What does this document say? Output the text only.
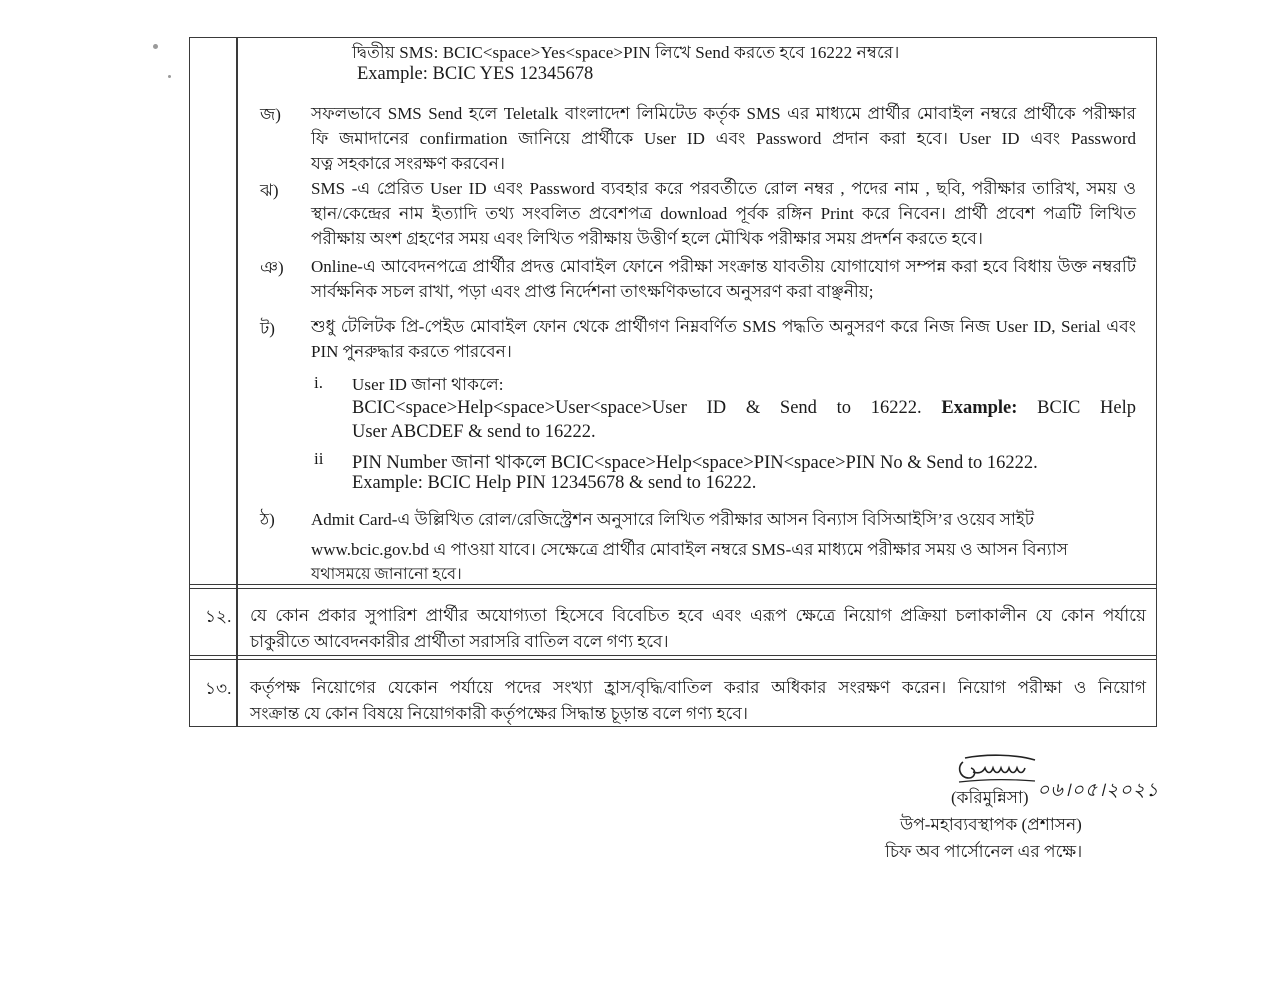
দ্বিতীয় SMS: BCIC<space>Yes<space>PIN লিখে Send করতে হবে 16222 নম্বরে।
Example: BCIC YES 12345678
জ) সফলভাবে SMS Send হলে Teletalk বাংলাদেশ লিমিটেড কর্তৃক SMS এর মাধ্যমে প্রার্থীর মোবাইল নম্বরে প্রার্থীকে পরীক্ষার
ফি জমাদানের confirmation জানিয়ে প্রার্থীকে User ID এবং Password প্রদান করা হবে। User ID এবং Password
যত্ন সহকারে সংরক্ষণ করবেন।
ঝ) SMS -এ প্রেরিত User ID এবং Password ব্যবহার করে পরবর্তীতে রোল নম্বর , পদের নাম , ছবি, পরীক্ষার তারিখ, সময় ও
স্থান/কেন্দ্রের নাম ইত্যাদি তথ্য সংবলিত প্রবেশপত্র download পূর্বক রঙ্গিন Print করে নিবেন। প্রার্থী প্রবেশ পত্রটি লিখিত
পরীক্ষায় অংশ গ্রহণের সময় এবং লিখিত পরীক্ষায় উত্তীর্ণ হলে মৌখিক পরীক্ষার সময় প্রদর্শন করতে হবে।
ঞ) Online-এ আবেদনপত্রে প্রার্থীর প্রদত্ত মোবাইল ফোনে পরীক্ষা সংক্রান্ত যাবতীয় যোগাযোগ সম্পন্ন করা হবে বিধায় উক্ত নম্বরটি
সার্বক্ষনিক সচল রাখা, পড়া এবং প্রাপ্ত নির্দেশনা তাৎক্ষণিকভাবে অনুসরণ করা বাঞ্ছনীয়;
ট) শুধু টেলিটক প্রি-পেইড মোবাইল ফোন থেকে প্রার্থীগণ নিম্নবর্ণিত SMS পদ্ধতি অনুসরণ করে নিজ নিজ User ID, Serial এবং
PIN পুনরুদ্ধার করতে পারবেন।
i. User ID জানা থাকলে:
BCIC<space>Help<space>User<space>User ID & Send to 16222. Example: BCIC Help
User ABCDEF & send to 16222.
ii PIN Number জানা থাকলে BCIC<space>Help<space>PIN<space>PIN No & Send to 16222.
Example: BCIC Help PIN 12345678 & send to 16222.
ঠ) Admit Card-এ উল্লিখিত রোল/রেজিস্ট্রেশন অনুসারে লিখিত পরীক্ষার আসন বিন্যাস বিসিআইসি’র ওয়েব সাইট
www.bcic.gov.bd এ পাওয়া যাবে। সেক্ষেত্রে প্রার্থীর মোবাইল নম্বরে SMS-এর মাধ্যমে পরীক্ষার সময় ও আসন বিন্যাস
যথাসময়ে জানানো হবে।
১২. যে কোন প্রকার সুপারিশ প্রার্থীর অযোগ্যতা হিসেবে বিবেচিত হবে এবং এরূপ ক্ষেত্রে নিয়োগ প্রক্রিয়া চলাকালীন যে কোন পর্যায়ে
চাকুরীতে আবেদনকারীর প্রার্থীতা সরাসরি বাতিল বলে গণ্য হবে।
১৩. কর্তৃপক্ষ নিয়োগের যেকোন পর্যায়ে পদের সংখ্যা হ্রাস/বৃদ্ধি/বাতিল করার অধিকার সংরক্ষণ করেন। নিয়োগ পরীক্ষা ও নিয়োগ
সংক্রান্ত যে কোন বিষয়ে নিয়োগকারী কর্তৃপক্ষের সিদ্ধান্ত চূড়ান্ত বলে গণ্য হবে।
০৬।০৫।২০২১
(করিমুন্নিসা)
উপ-মহাব্যবস্থাপক (প্রশাসন)
চিফ অব পার্সোনেল এর পক্ষে।
